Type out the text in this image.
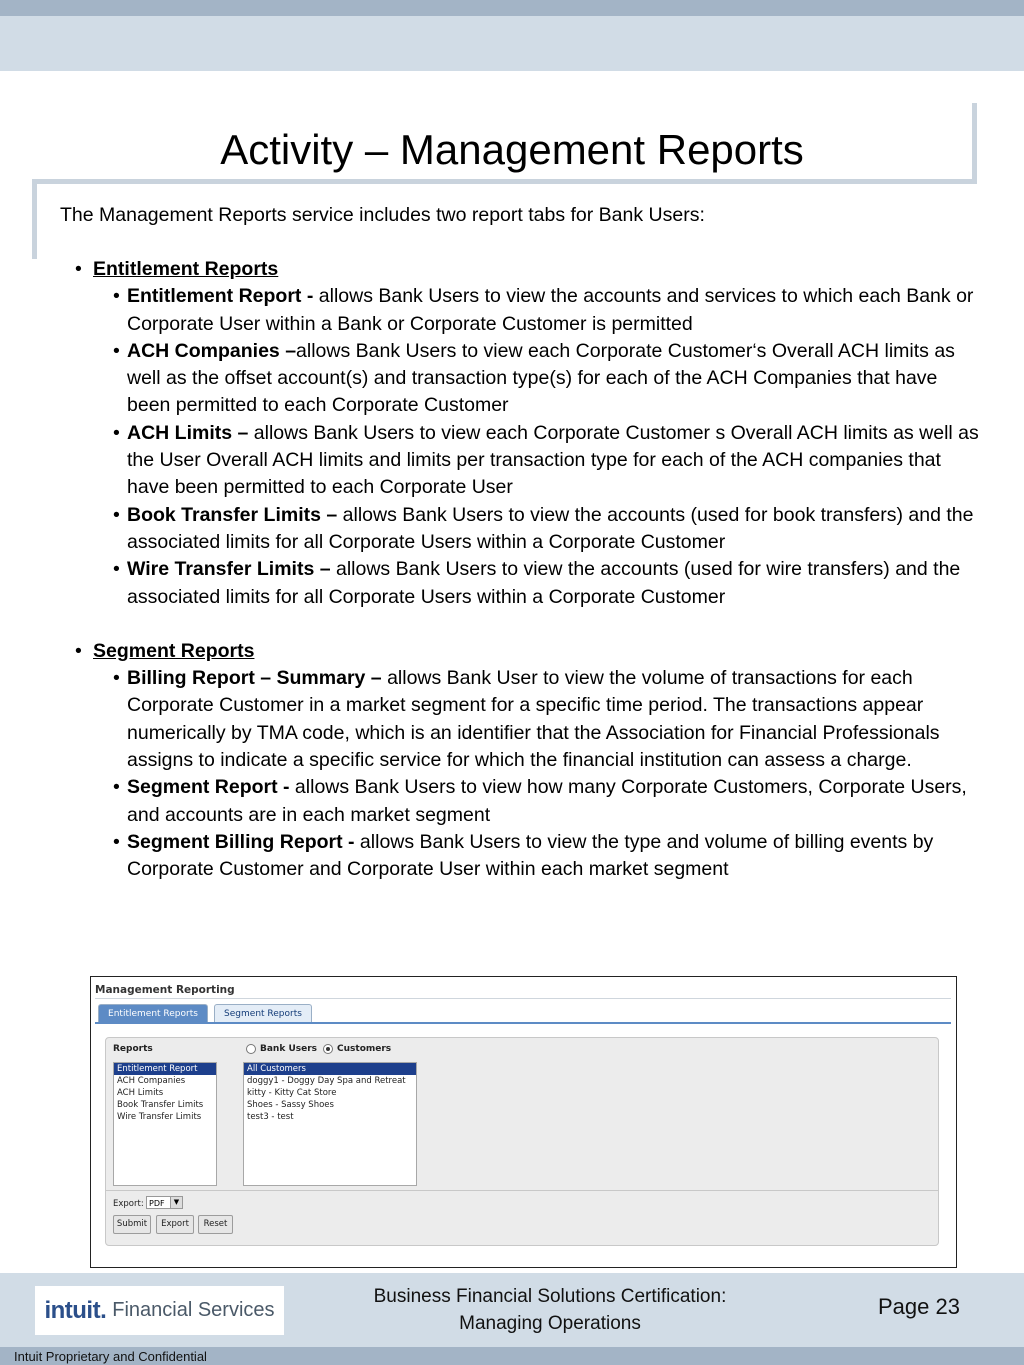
Activity – Management Reports

The Management Reports service includes two report tabs for Bank Users:

• Entitlement Reports
• Entitlement Report - allows Bank Users to view the accounts and services to which each Bank or Corporate User within a Bank or Corporate Customer is permitted
• ACH Companies –allows Bank Users to view each Corporate Customer‘s Overall ACH limits as well as the offset account(s) and transaction type(s) for each of the ACH Companies that have been permitted to each Corporate Customer
• ACH Limits – allows Bank Users to view each Corporate Customer s Overall ACH limits as well as the User Overall ACH limits and limits per transaction type for each of the ACH companies that have been permitted to each Corporate User
• Book Transfer Limits – allows Bank Users to view the accounts (used for book transfers) and the associated limits for all Corporate Users within a Corporate Customer
• Wire Transfer Limits – allows Bank Users to view the accounts (used for wire transfers) and the associated limits for all Corporate Users within a Corporate Customer
• Segment Reports
• Billing Report – Summary – allows Bank User to view the volume of transactions for each Corporate Customer in a market segment for a specific time period. The transactions appear numerically by TMA code, which is an identifier that the Association for Financial Professionals assigns to indicate a specific service for which the financial institution can assess a charge.
• Segment Report - allows Bank Users to view how many Corporate Customers, Corporate Users, and accounts are in each market segment
• Segment Billing Report - allows Bank Users to view the type and volume of billing events by Corporate Customer and Corporate User within each market segment
Management Reporting
Entitlement Reports	Segment Reports
Reports	Bank Users Customers
Entitlement Report
ACH Companies
ACH Limits
Book Transfer Limits
Wire Transfer Limits
All Customers
doggy1 - Doggy Day Spa and Retreat
kitty - Kitty Cat Store
Shoes - Sassy Shoes
test3 - test
Export: PDF	▼
Submit	Export	Reset
intuit. Financial Services
Business Financial Solutions Certification:
Managing Operations
Page 23
Intuit Proprietary and Confidential
